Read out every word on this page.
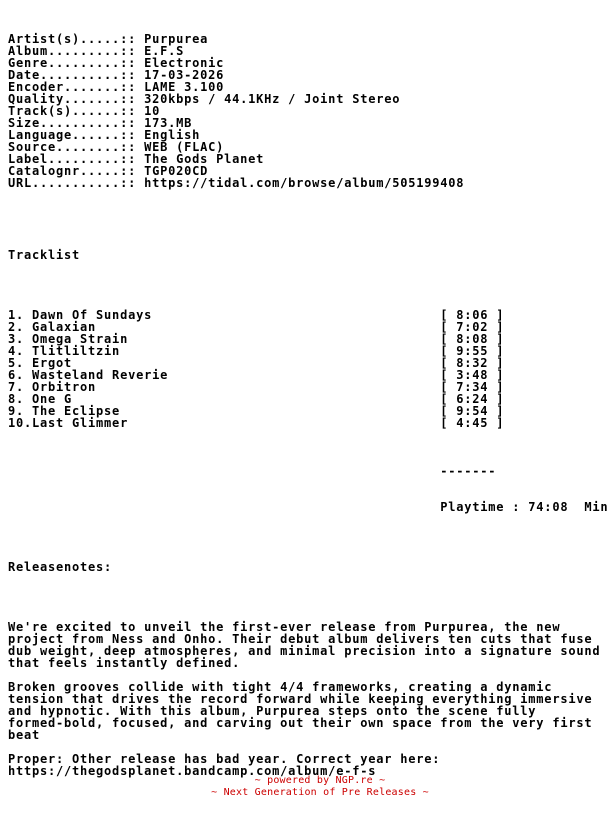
Artist(s).....:: Purpurea
Album.........:: E.F.S
Genre.........:: Electronic
Date..........:: 17-03-2026
Encoder.......:: LAME 3.100
Quality.......:: 320kbps / 44.1KHz / Joint Stereo
Track(s)......:: 10
Size..........:: 173.MB
Language......:: English
Source........:: WEB (FLAC)
Label.........:: The Gods Planet
Catalognr.....:: TGP020CD
URL...........:: https://tidal.com/browse/album/505199408

Tracklist

1. Dawn Of Sundays                                    [ 8:06 ]
2. Galaxian                                           [ 7:02 ]
3. Omega Strain                                       [ 8:08 ]
4. Tlitliltzin                                        [ 9:55 ]
5. Ergot                                              [ 8:32 ]
6. Wasteland Reverie                                  [ 3:48 ]
7. Orbitron                                           [ 7:34 ]
8. One G                                              [ 6:24 ]
9. The Eclipse                                        [ 9:54 ]
10.Last Glimmer                                       [ 4:45 ]

-------

Playtime : 74:08  Min

Releasenotes:

We're excited to unveil the first-ever release from Purpurea, the new
project from Ness and Onho. Their debut album delivers ten cuts that fuse
dub weight, deep atmospheres, and minimal precision into a signature sound
that feels instantly defined.
Broken grooves collide with tight 4/4 frameworks, creating a dynamic
tension that drives the record forward while keeping everything immersive
and hypnotic. With this album, Purpurea steps onto the scene fully
formed-bold, focused, and carving out their own space from the very first
beat
Proper: Other release has bad year. Correct year here:
https://thegodsplanet.bandcamp.com/album/e-f-s

~ powered by NGP.re ~
~ Next Generation of Pre Releases ~
